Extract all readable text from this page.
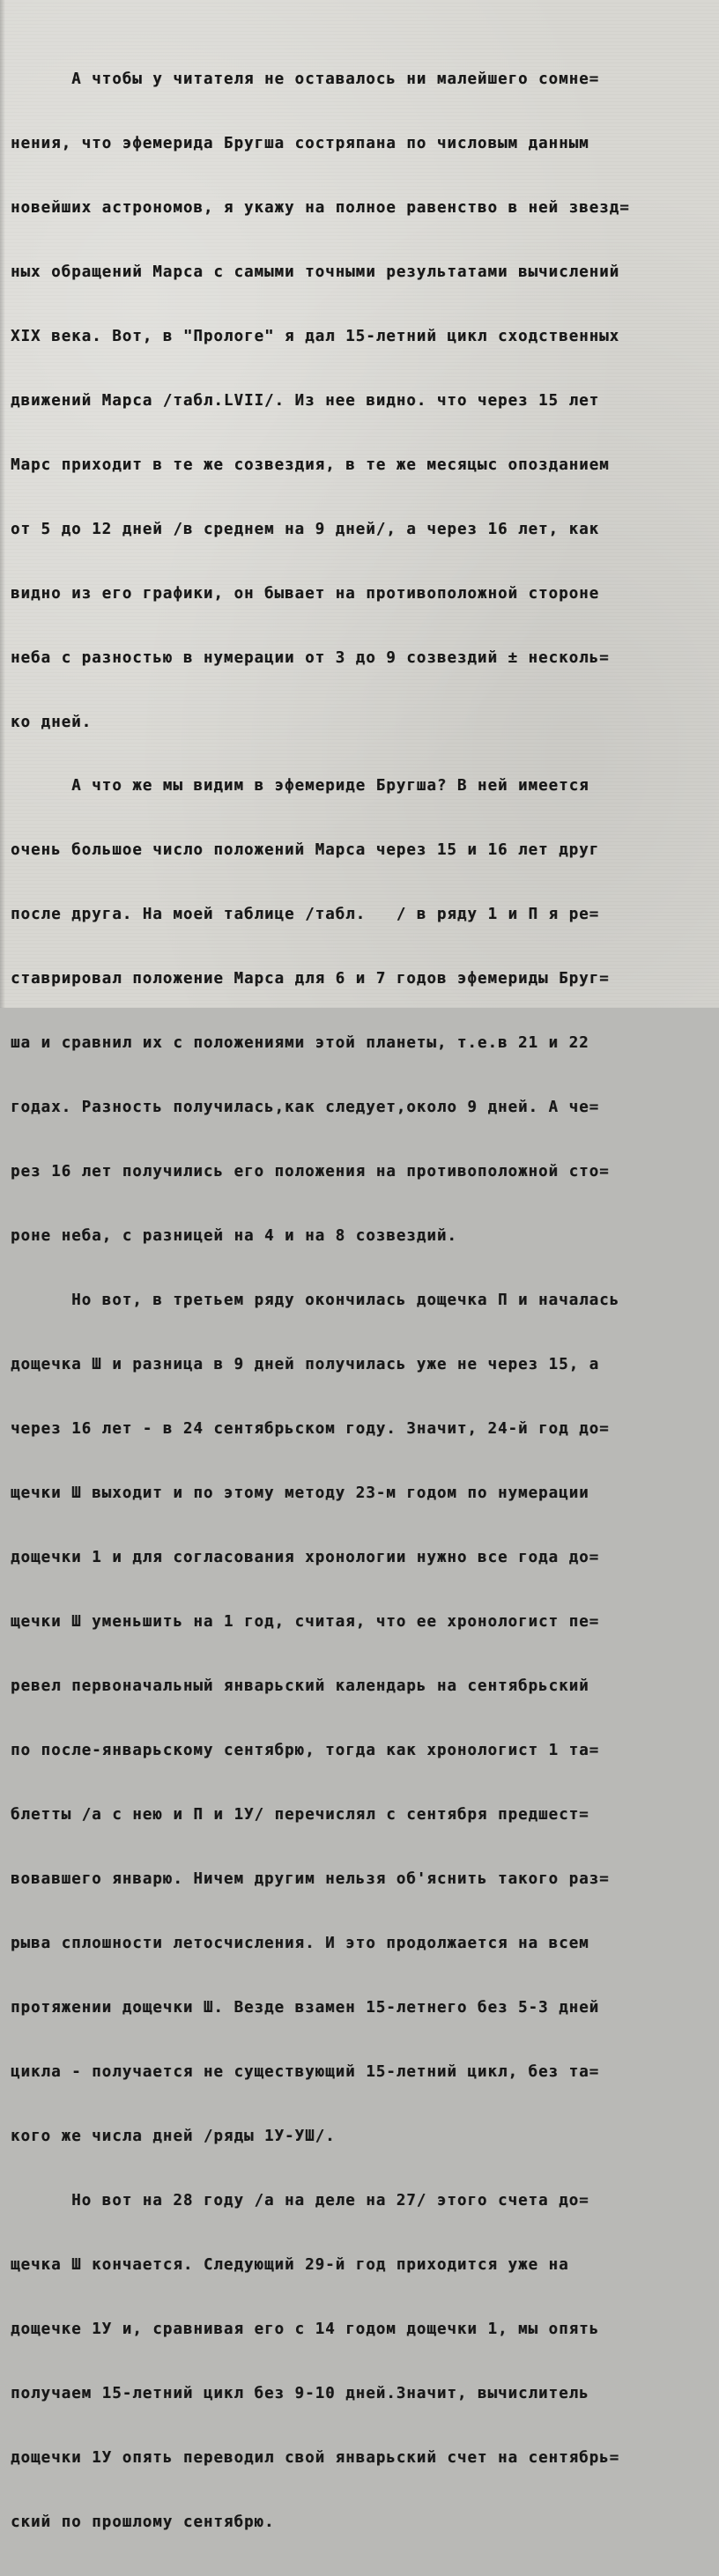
А чтобы у читателя не оставалось ни малейшего сомне=

нения, что эфемерида Бругша состряпана по числовым данным

новейших астрономов, я укажу на полное равенство в ней звезд=

ных обращений Марса с самыми точными результатами вычислений

XIX века. Вот, в "Прологе" я дал 15-летний цикл сходственных

движений Марса /табл.LVII/. Из нее видно. что через 15 лет

Марс приходит в те же созвездия, в те же месяцыс опозданием

от 5 до 12 дней /в среднем на 9 дней/, а через 16 лет, как

видно из его графики, он бывает на противоположной стороне

неба с разностью в нумерации от 3 до 9 созвездий ± несколь=

ко дней.

А что же мы видим в эфемериде Бругша? В ней имеется

очень большое число положений Марса через 15 и 16 лет друг

после друга. На моей таблице /табл.   / в ряду 1 и П я ре=

ставрировал положение Марса для 6 и 7 годов эфемериды Бруг=

ша и сравнил их с положениями этой планеты, т.е.в 21 и 22

годах. Разность получилась,как следует,около 9 дней. А че=

рез 16 лет получились его положения на противоположной сто=

роне неба, с разницей на 4 и на 8 созвездий.

Но вот, в третьем ряду окончилась дощечка П и началась

дощечка Ш и разница в 9 дней получилась уже не через 15, а

через 16 лет - в 24 сентябрьском году. Значит, 24-й год до=

щечки Ш выходит и по этому методу 23-м годом по нумерации

дощечки 1 и для согласования хронологии нужно все года до=

щечки Ш уменьшить на 1 год, считая, что ее хронологист пе=

ревел первоначальный январьский календарь на сентябрьский

по после-январьскому сентябрю, тогда как хронологист 1 та=

блетты /а с нею и П и 1У/ перечислял с сентября предшест=

вовавшего январю. Ничем другим нельзя об'яснить такого раз=

рыва сплошности летосчисления. И это продолжается на всем

протяжении дощечки Ш. Везде взамен 15-летнего без 5-3 дней

цикла - получается не существующий 15-летний цикл, без та=

кого же числа дней /ряды 1У-УШ/.

Но вот на 28 году /а на деле на 27/ этого счета до=

щечка Ш кончается. Следующий 29-й год приходится уже на

дощечке 1У и, сравнивая его с 14 годом дощечки 1, мы опять

получаем 15-летний цикл без 9-10 дней.Значит, вычислитель

дощечки 1У опять переводил свой январьский счет на сентябрь=

ский по прошлому сентябрю.
